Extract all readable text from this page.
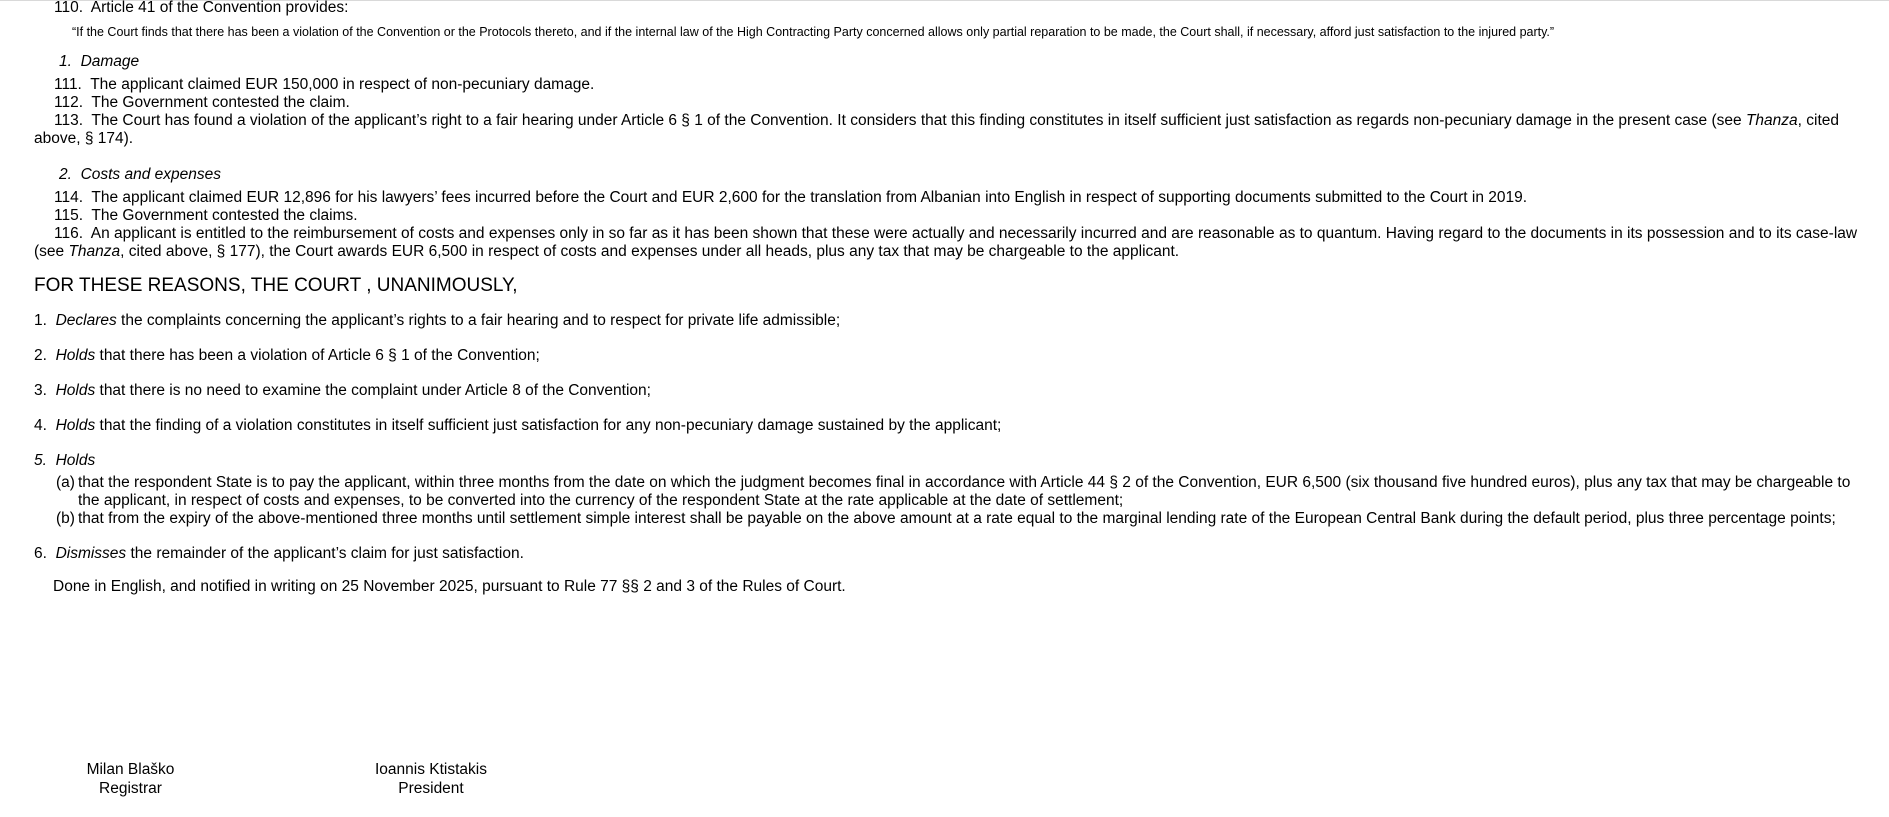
110. Article 41 of the Convention provides:

“If the Court finds that there has been a violation of the Convention or the Protocols thereto, and if the internal law of the High Contracting Party concerned allows only partial reparation to be made, the Court shall, if necessary, afford just satisfaction to the injured party.”

1. Damage

111. The applicant claimed EUR 150,000 in respect of non-pecuniary damage.

112. The Government contested the claim.

113. The Court has found a violation of the applicant’s right to a fair hearing under Article 6 § 1 of the Convention. It considers that this finding constitutes in itself sufficient just satisfaction as regards non-pecuniary damage in the present case (see Thanza, cited above, § 174).

2. Costs and expenses

114. The applicant claimed EUR 12,896 for his lawyers’ fees incurred before the Court and EUR 2,600 for the translation from Albanian into English in respect of supporting documents submitted to the Court in 2019.

115. The Government contested the claims.

116. An applicant is entitled to the reimbursement of costs and expenses only in so far as it has been shown that these were actually and necessarily incurred and are reasonable as to quantum. Having regard to the documents in its possession and to its case-law (see Thanza, cited above, § 177), the Court awards EUR 6,500 in respect of costs and expenses under all heads, plus any tax that may be chargeable to the applicant.

FOR THESE REASONS, THE COURT , UNANIMOUSLY,

1. Declares the complaints concerning the applicant’s rights to a fair hearing and to respect for private life admissible;

2. Holds that there has been a violation of Article 6 § 1 of the Convention;

3. Holds that there is no need to examine the complaint under Article 8 of the Convention;

4. Holds that the finding of a violation constitutes in itself sufficient just satisfaction for any non-pecuniary damage sustained by the applicant;

5. Holds

(a) that the respondent State is to pay the applicant, within three months from the date on which the judgment becomes final in accordance with Article 44 § 2 of the Convention, EUR 6,500 (six thousand five hundred euros), plus any tax that may be chargeable to the applicant, in respect of costs and expenses, to be converted into the currency of the respondent State at the rate applicable at the date of settlement;
(b) that from the expiry of the above-mentioned three months until settlement simple interest shall be payable on the above amount at a rate equal to the marginal lending rate of the European Central Bank during the default period, plus three percentage points;

6. Dismisses the remainder of the applicant’s claim for just satisfaction.

Done in English, and notified in writing on 25 November 2025, pursuant to Rule 77 §§ 2 and 3 of the Rules of Court.

Milan Blaško
Registrar
Ioannis Ktistakis
President
